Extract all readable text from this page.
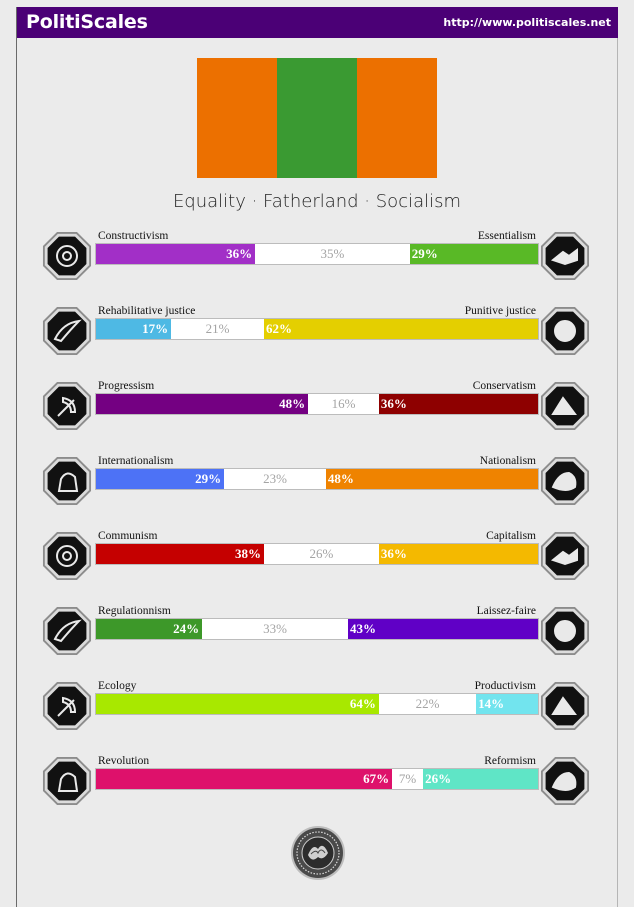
PolitiScales	http://www.politiscales.net
Equality · Fatherland · Socialism
Constructivism	Essentialism
36%	35%	29%
Rehabilitative justice	Punitive justice
17%	21%	62%
Progressism	Conservatism
48%	16%	36%
Internationalism	Nationalism
29%	23%	48%
Communism	Capitalism
38%	26%	36%
Regulationnism	Laissez-faire
24%	33%	43%
Ecology	Productivism
64%	22%	14%
Revolution	Reformism
67% 7% 26%
